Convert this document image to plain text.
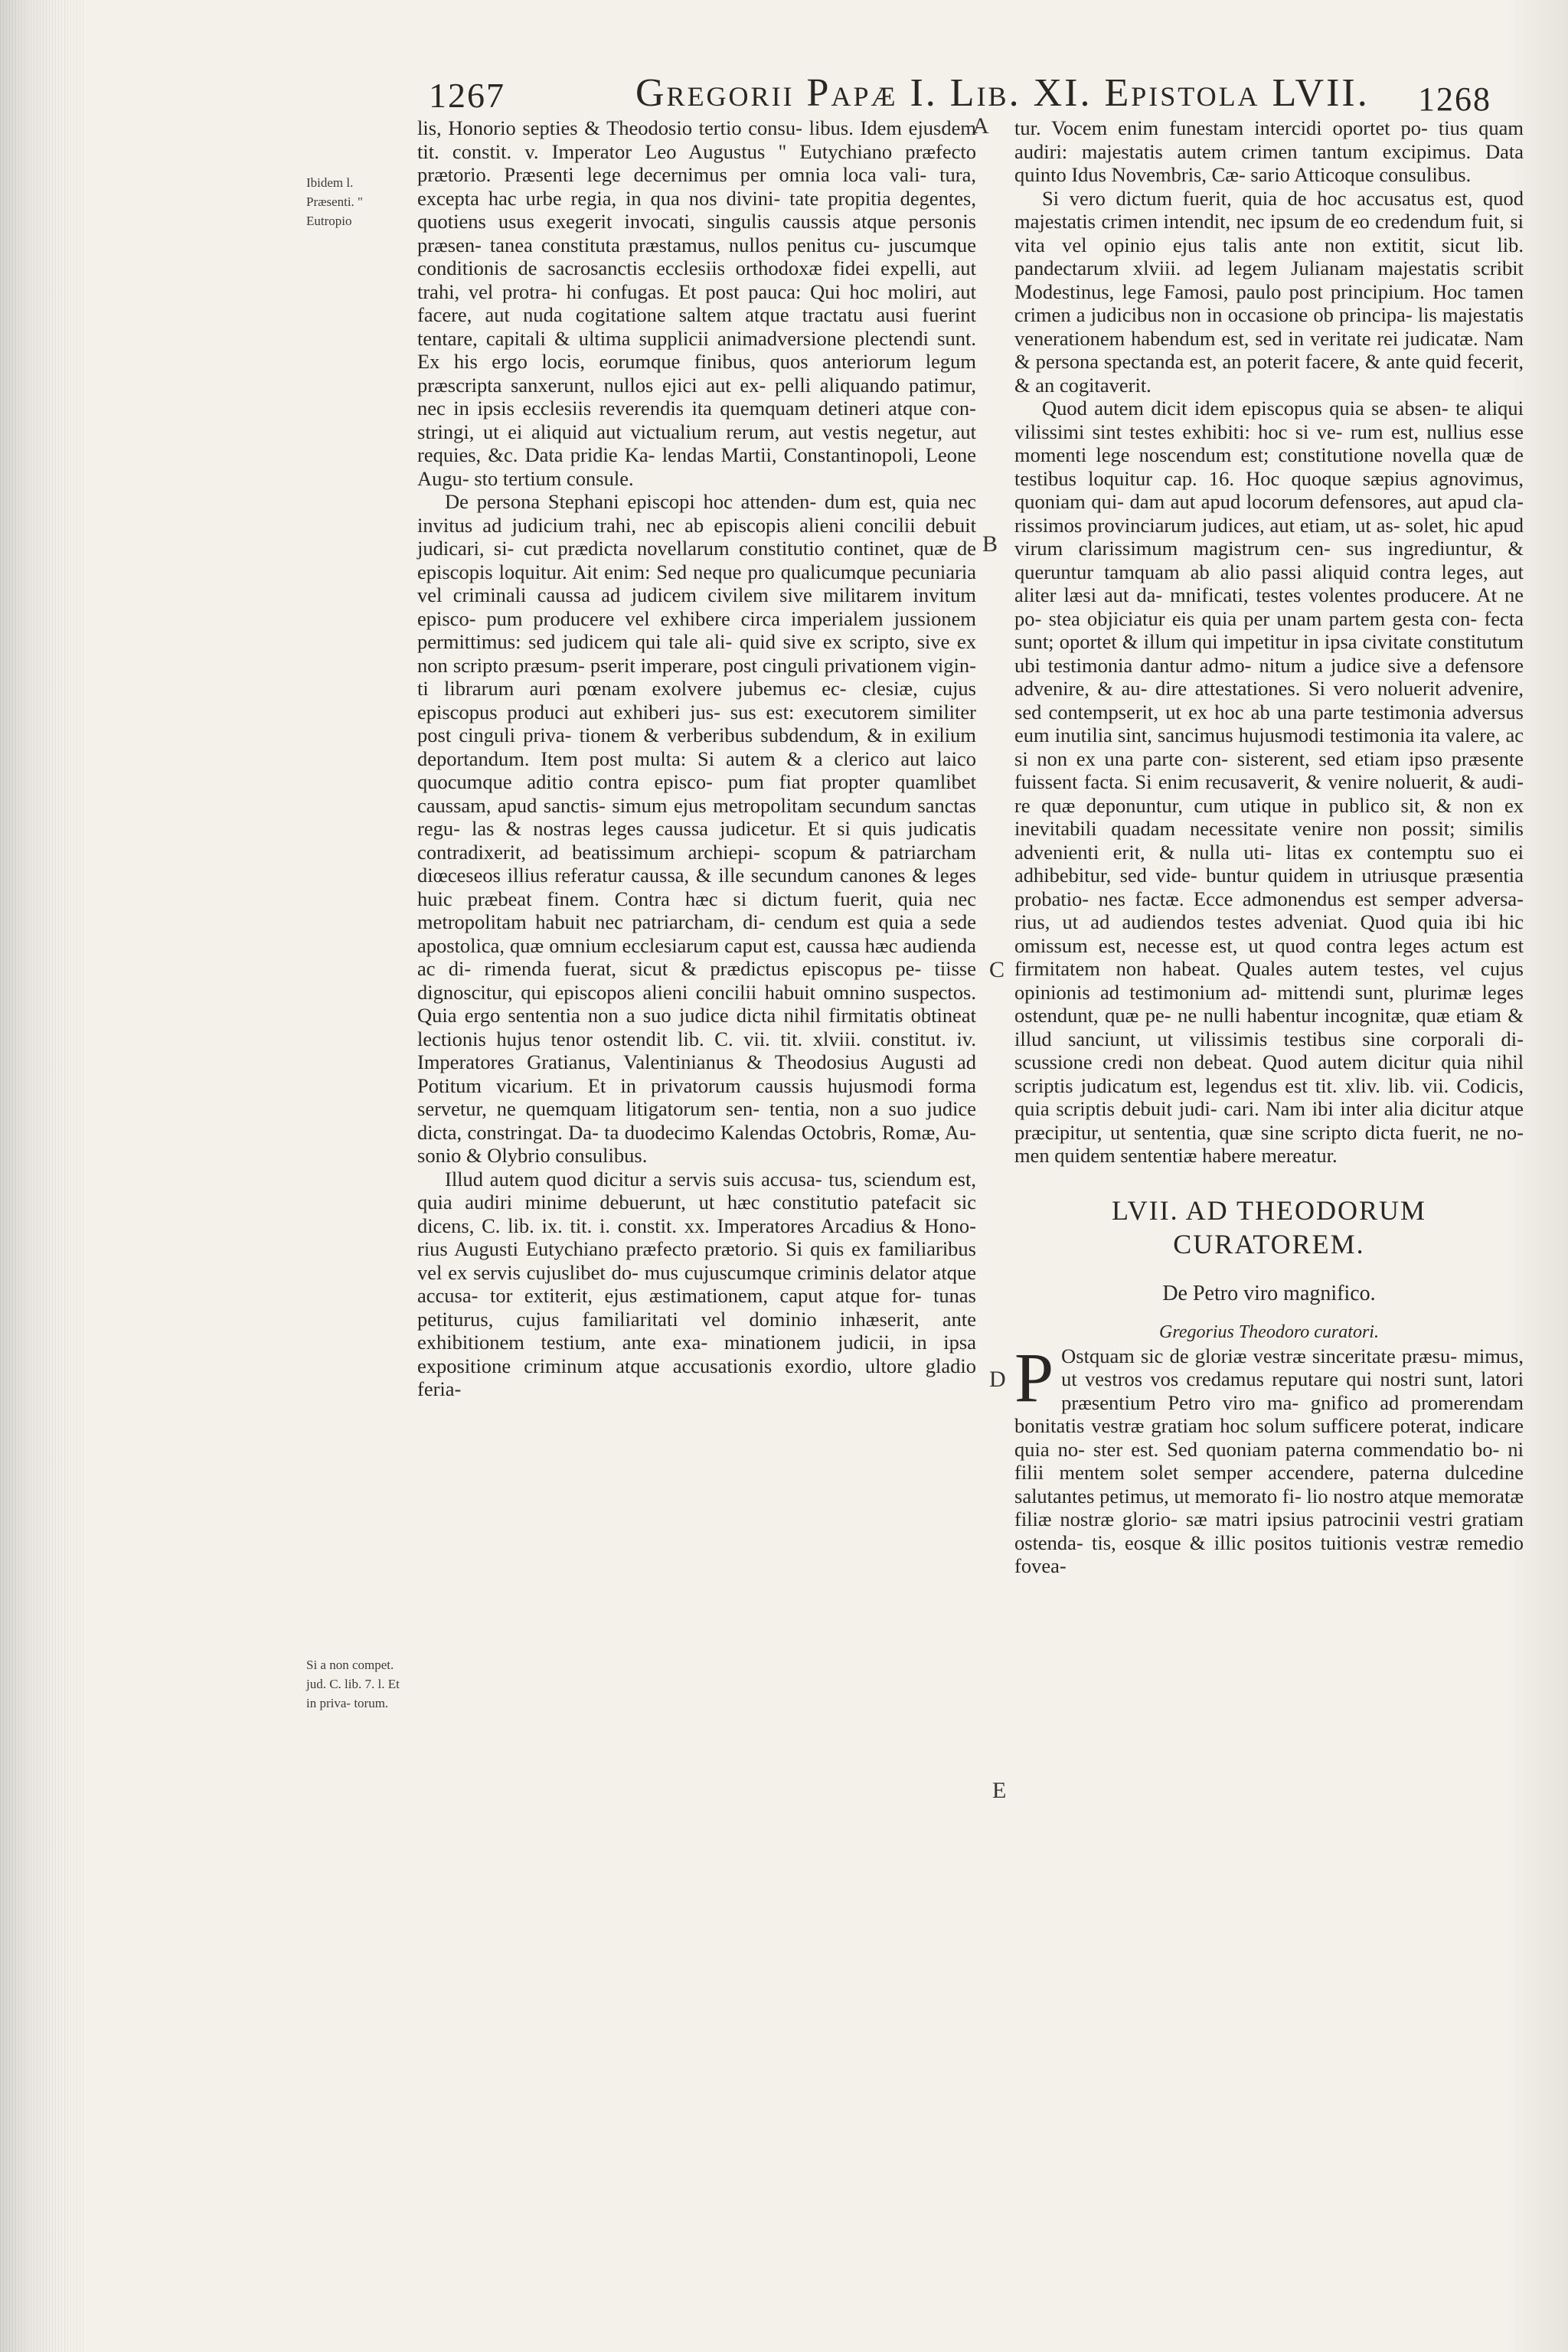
1267	Gregorii Papæ I. Lib. XI. Epistola LVII. 1268
Ibidem l. Præsenti. " Eutropio
Si a non compet. jud. C. lib. 7. l. Et in priva- torum.
A
B
C
D
E

lis, Honorio septies & Theodosio tertio consu- libus. Idem ejusdem tit. constit. v. Imperator Leo Augustus " Eutychiano præfecto prætorio. Præsenti lege decernimus per omnia loca vali- tura, excepta hac urbe regia, in qua nos divini- tate propitia degentes, quotiens usus exegerit invocati, singulis caussis atque personis præsen- tanea constituta præstamus, nullos penitus cu- juscumque conditionis de sacrosanctis ecclesiis orthodoxæ fidei expelli, aut trahi, vel protra- hi confugas. Et post pauca: Qui hoc moliri, aut facere, aut nuda cogitatione saltem atque tractatu ausi fuerint tentare, capitali & ultima supplicii animadversione plectendi sunt. Ex his ergo locis, eorumque finibus, quos anteriorum legum præscripta sanxerunt, nullos ejici aut ex- pelli aliquando patimur, nec in ipsis ecclesiis reverendis ita quemquam detineri atque con- stringi, ut ei aliquid aut victualium rerum, aut vestis negetur, aut requies, &c. Data pridie Ka- lendas Martii, Constantinopoli, Leone Augu- sto tertium consule.

De persona Stephani episcopi hoc attenden- dum est, quia nec invitus ad judicium trahi, nec ab episcopis alieni concilii debuit judicari, si- cut prædicta novellarum constitutio continet, quæ de episcopis loquitur. Ait enim: Sed neque pro qualicumque pecuniaria vel criminali caussa ad judicem civilem sive militarem invitum episco- pum producere vel exhibere circa imperialem jussionem permittimus: sed judicem qui tale ali- quid sive ex scripto, sive ex non scripto præsum- pserit imperare, post cinguli privationem vigin- ti librarum auri pœnam exolvere jubemus ec- clesiæ, cujus episcopus produci aut exhiberi jus- sus est: executorem similiter post cinguli priva- tionem & verberibus subdendum, & in exilium deportandum. Item post multa: Si autem & a clerico aut laico quocumque aditio contra episco- pum fiat propter quamlibet caussam, apud sanctis- simum ejus metropolitam secundum sanctas regu- las & nostras leges caussa judicetur. Et si quis judicatis contradixerit, ad beatissimum archiepi- scopum & patriarcham diœceseos illius referatur caussa, & ille secundum canones & leges huic præbeat finem. Contra hæc si dictum fuerit, quia nec metropolitam habuit nec patriarcham, di- cendum est quia a sede apostolica, quæ omnium ecclesiarum caput est, caussa hæc audienda ac di- rimenda fuerat, sicut & prædictus episcopus pe- tiisse dignoscitur, qui episcopos alieni concilii habuit omnino suspectos. Quia ergo sententia non a suo judice dicta nihil firmitatis obtineat lectionis hujus tenor ostendit lib. C. vii. tit. xlviii. constitut. iv. Imperatores Gratianus, Valentinianus & Theodosius Augusti ad Potitum vicarium. Et in privatorum caussis hujusmodi forma servetur, ne quemquam litigatorum sen- tentia, non a suo judice dicta, constringat. Da- ta duodecimo Kalendas Octobris, Romæ, Au- sonio & Olybrio consulibus.

Illud autem quod dicitur a servis suis accusa- tus, sciendum est, quia audiri minime debuerunt, ut hæc constitutio patefacit sic dicens, C. lib. ix. tit. i. constit. xx. Imperatores Arcadius & Hono- rius Augusti Eutychiano præfecto prætorio. Si quis ex familiaribus vel ex servis cujuslibet do- mus cujuscumque criminis delator atque accusa- tor extiterit, ejus æstimationem, caput atque for- tunas petiturus, cujus familiaritati vel dominio inhæserit, ante exhibitionem testium, ante exa- minationem judicii, in ipsa expositione criminum atque accusationis exordio, ultore gladio feria-

tur. Vocem enim funestam intercidi oportet po- tius quam audiri: majestatis autem crimen tantum excipimus. Data quinto Idus Novembris, Cæ- sario Atticoque consulibus.

Si vero dictum fuerit, quia de hoc accusatus est, quod majestatis crimen intendit, nec ipsum de eo credendum fuit, si vita vel opinio ejus talis ante non extitit, sicut lib. pandectarum xlviii. ad legem Julianam majestatis scribit Modestinus, lege Famosi, paulo post principium. Hoc tamen crimen a judicibus non in occasione ob principa- lis majestatis venerationem habendum est, sed in veritate rei judicatæ. Nam & persona spectanda est, an poterit facere, & ante quid fecerit, & an cogitaverit.

Quod autem dicit idem episcopus quia se absen- te aliqui vilissimi sint testes exhibiti: hoc si ve- rum est, nullius esse momenti lege noscendum est; constitutione novella quæ de testibus loquitur cap. 16. Hoc quoque sæpius agnovimus, quoniam qui- dam aut apud locorum defensores, aut apud cla- rissimos provinciarum judices, aut etiam, ut as- solet, hic apud virum clarissimum magistrum cen- sus ingrediuntur, & queruntur tamquam ab alio passi aliquid contra leges, aut aliter læsi aut da- mnificati, testes volentes producere. At ne po- stea objiciatur eis quia per unam partem gesta con- fecta sunt; oportet & illum qui impetitur in ipsa civitate constitutum ubi testimonia dantur admo- nitum a judice sive a defensore advenire, & au- dire attestationes. Si vero noluerit advenire, sed contempserit, ut ex hoc ab una parte testimonia adversus eum inutilia sint, sancimus hujusmodi testimonia ita valere, ac si non ex una parte con- sisterent, sed etiam ipso præsente fuissent facta. Si enim recusaverit, & venire noluerit, & audi- re quæ deponuntur, cum utique in publico sit, & non ex inevitabili quadam necessitate venire non possit; similis advenienti erit, & nulla uti- litas ex contemptu suo ei adhibebitur, sed vide- buntur quidem in utriusque præsentia probatio- nes factæ. Ecce admonendus est semper adversa- rius, ut ad audiendos testes adveniat. Quod quia ibi hic omissum est, necesse est, ut quod contra leges actum est firmitatem non habeat. Quales autem testes, vel cujus opinionis ad testimonium ad- mittendi sunt, plurimæ leges ostendunt, quæ pe- ne nulli habentur incognitæ, quæ etiam & illud sanciunt, ut vilissimis testibus sine corporali di- scussione credi non debeat. Quod autem dicitur quia nihil scriptis judicatum est, legendus est tit. xliv. lib. vii. Codicis, quia scriptis debuit judi- cari. Nam ibi inter alia dicitur atque præcipitur, ut sententia, quæ sine scripto dicta fuerit, ne no- men quidem sententiæ habere mereatur.

LVII. AD THEODORUM CURATOREM.
De Petro viro magnifico.
Gregorius Theodoro curatori.

P Ostquam sic de gloriæ vestræ sinceritate præsu- mimus, ut vestros vos credamus reputare qui nostri sunt, latori præsentium Petro viro ma- gnifico ad promerendam bonitatis vestræ gratiam hoc solum sufficere poterat, indicare quia no- ster est. Sed quoniam paterna commendatio bo- ni filii mentem solet semper accendere, paterna dulcedine salutantes petimus, ut memorato fi- lio nostro atque memoratæ filiæ nostræ glorio- sæ matri ipsius patrocinii vestri gratiam ostenda- tis, eosque & illic positos tuitionis vestræ remedio fovea-
